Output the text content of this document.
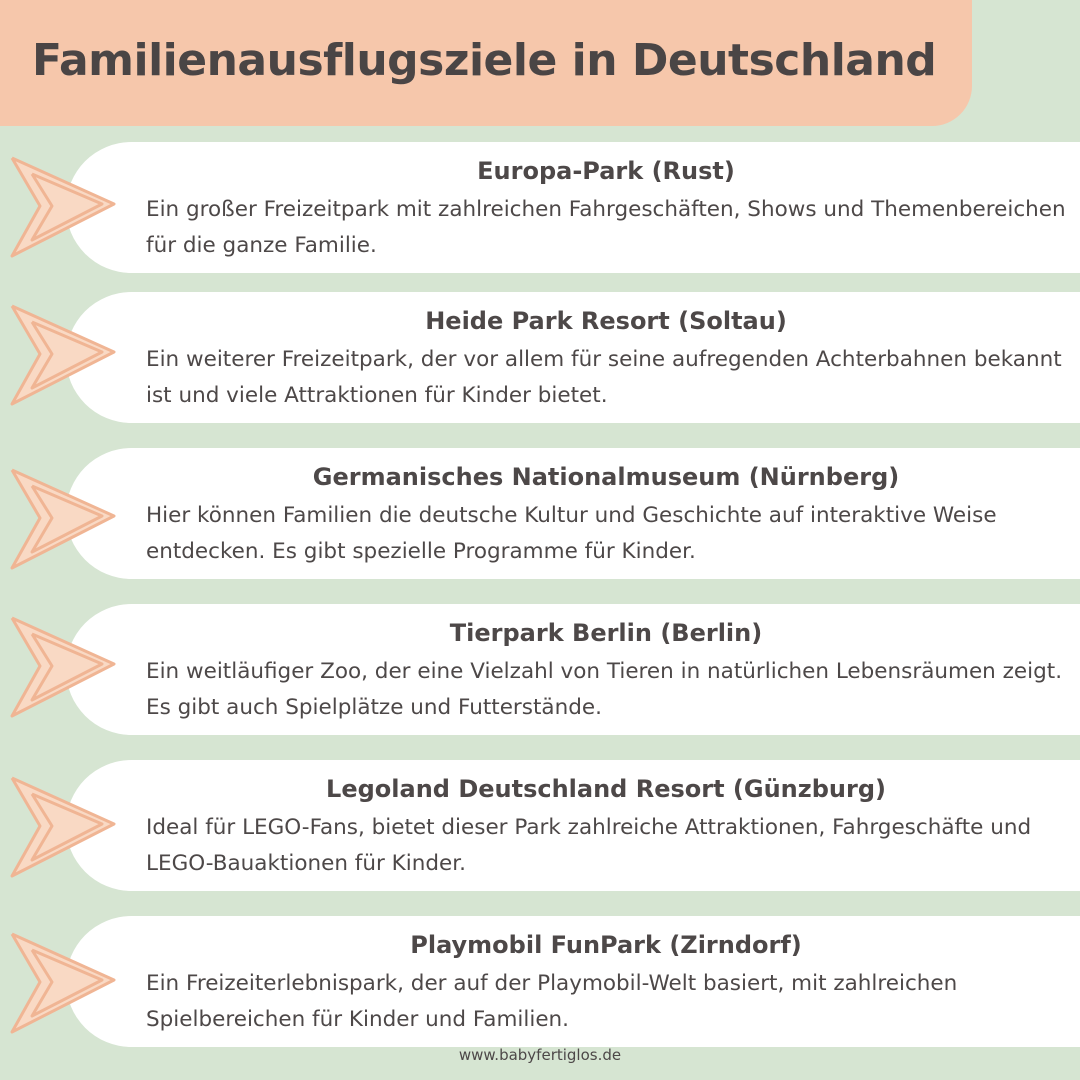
Familienausflugsziele in Deutschland
Europa-Park (Rust)
Ein großer Freizeitpark mit zahlreichen Fahrgeschäften, Shows und Themenbereichen
für die ganze Familie.
Heide Park Resort (Soltau)
Ein weiterer Freizeitpark, der vor allem für seine aufregenden Achterbahnen bekannt
ist und viele Attraktionen für Kinder bietet.
Germanisches Nationalmuseum (Nürnberg)
Hier können Familien die deutsche Kultur und Geschichte auf interaktive Weise
entdecken. Es gibt spezielle Programme für Kinder.
Tierpark Berlin (Berlin)
Ein weitläufiger Zoo, der eine Vielzahl von Tieren in natürlichen Lebensräumen zeigt.
Es gibt auch Spielplätze und Futterstände.
Legoland Deutschland Resort (Günzburg)
Ideal für LEGO-Fans, bietet dieser Park zahlreiche Attraktionen, Fahrgeschäfte und
LEGO-Bauaktionen für Kinder.
Playmobil FunPark (Zirndorf)
Ein Freizeiterlebnispark, der auf der Playmobil-Welt basiert, mit zahlreichen
Spielbereichen für Kinder und Familien.
www.babyfertiglos.de
